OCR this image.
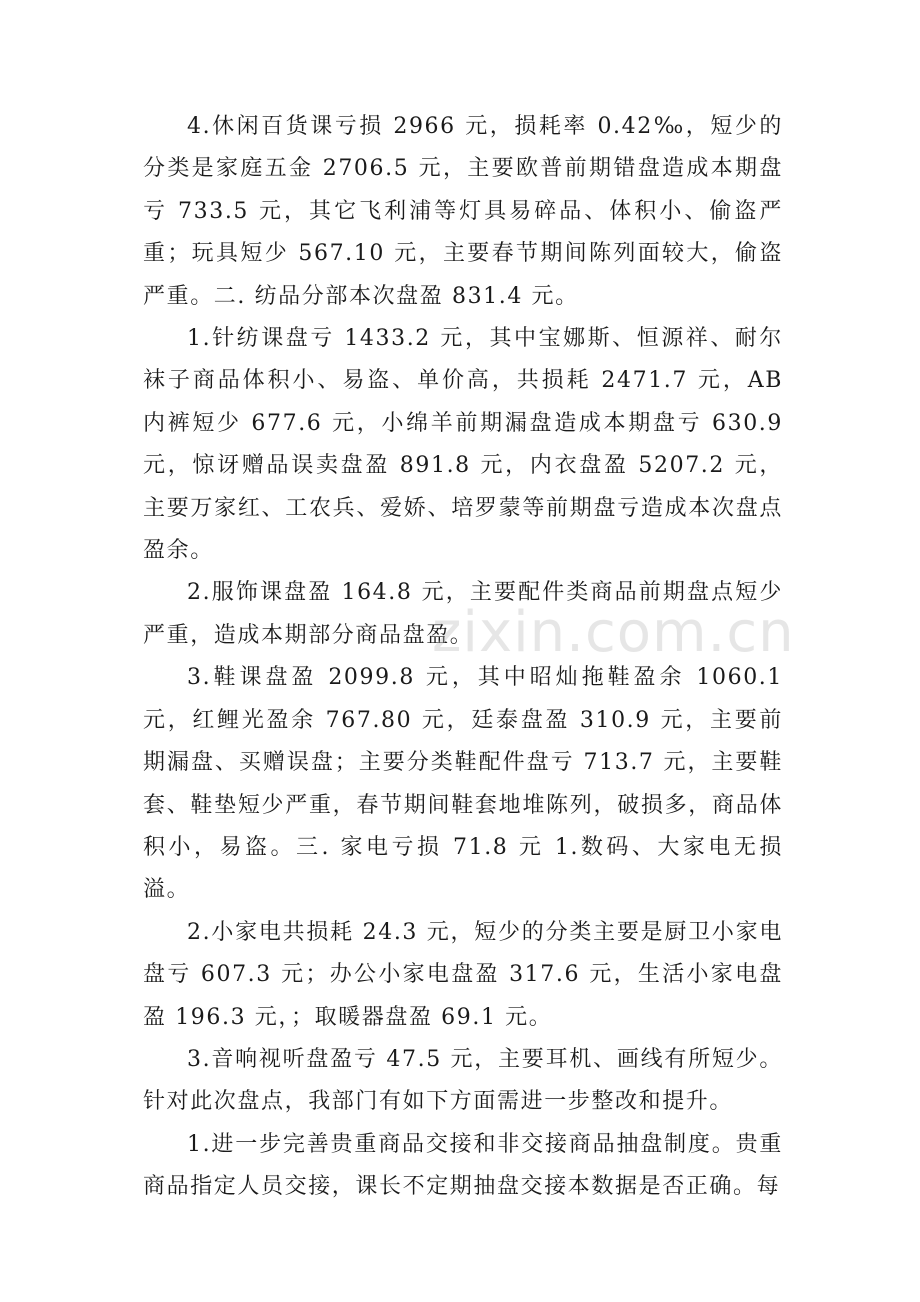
4.休闲百货课亏损 2966 元，损耗率 0.42‰，短少的分类是家庭五金 2706.5 元，主要欧普前期错盘造成本期盘亏 733.5 元，其它飞利浦等灯具易碎品、体积小、偷盗严重；玩具短少 567.10 元，主要春节期间陈列面较大，偷盗严重。二. 纺品分部本次盘盈 831.4 元。

1.针纺课盘亏 1433.2 元，其中宝娜斯、恒源祥、耐尔袜子商品体积小、易盗、单价高，共损耗 2471.7 元，AB 内裤短少 677.6 元，小绵羊前期漏盘造成本期盘亏 630.9 元，惊讶赠品误卖盘盈 891.8 元，内衣盘盈 5207.2 元，主要万家红、工农兵、爱娇、培罗蒙等前期盘亏造成本次盘点盈余。

2.服饰课盘盈 164.8 元，主要配件类商品前期盘点短少严重，造成本期部分商品盘盈。

3.鞋课盘盈 2099.8 元，其中昭灿拖鞋盈余 1060.1 元，红鲤光盈余 767.80 元，廷泰盘盈 310.9 元，主要前期漏盘、买赠误盘；主要分类鞋配件盘亏 713.7 元，主要鞋套、鞋垫短少严重，春节期间鞋套地堆陈列，破损多，商品体积小，易盗。三. 家电亏损 71.8 元 1.数码、大家电无损溢。

2.小家电共损耗 24.3 元，短少的分类主要是厨卫小家电盘亏 607.3 元；办公小家电盘盈 317.6 元，生活小家电盘盈 196.3 元，；取暖器盘盈 69.1 元。

3.音响视听盘盈亏 47.5 元，主要耳机、画线有所短少。针对此次盘点，我部门有如下方面需进一步整改和提升。

1.进一步完善贵重商品交接和非交接商品抽盘制度。贵重商品指定人员交接，课长不定期抽盘交接本数据是否正确。每

zixin.com.cn
